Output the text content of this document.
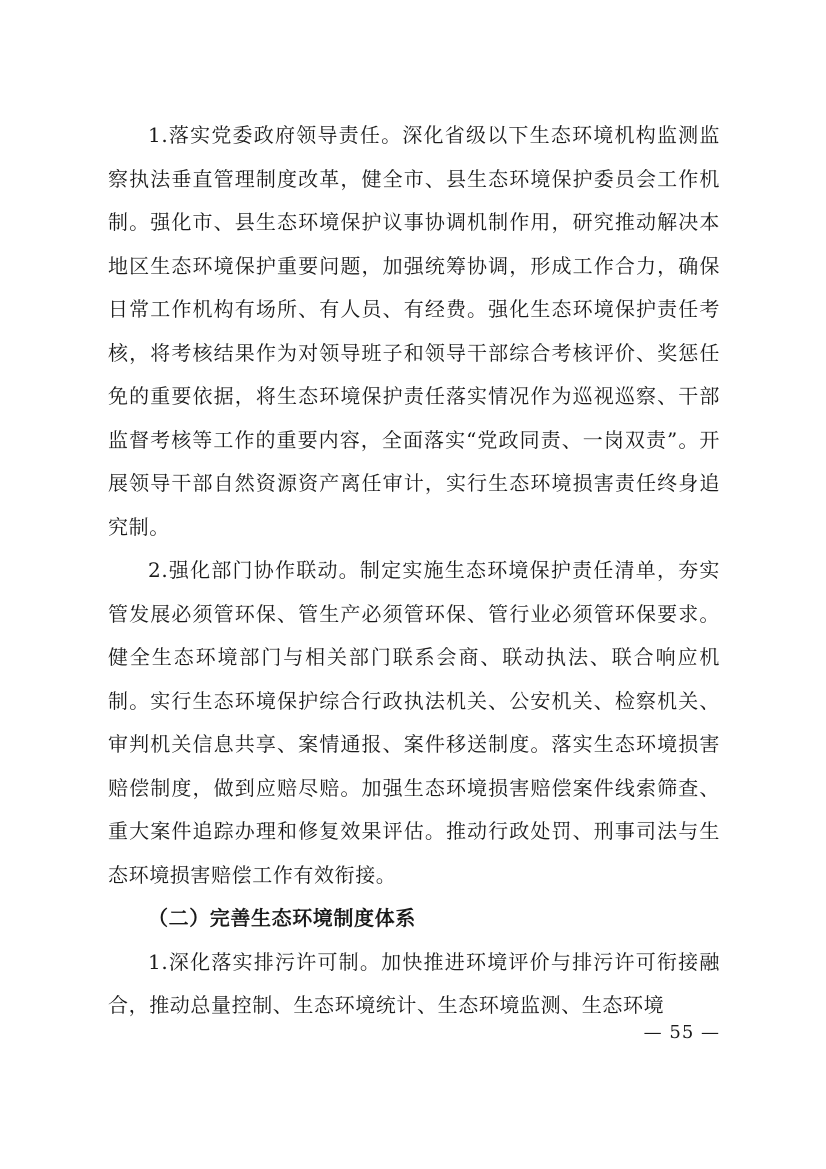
1.落实党委政府领导责任。深化省级以下生态环境机构监测监察执法垂直管理制度改革，健全市、县生态环境保护委员会工作机制。强化市、县生态环境保护议事协调机制作用，研究推动解决本地区生态环境保护重要问题，加强统筹协调，形成工作合力，确保日常工作机构有场所、有人员、有经费。强化生态环境保护责任考核，将考核结果作为对领导班子和领导干部综合考核评价、奖惩任免的重要依据，将生态环境保护责任落实情况作为巡视巡察、干部监督考核等工作的重要内容，全面落实“党政同责、一岗双责”。开展领导干部自然资源资产离任审计，实行生态环境损害责任终身追究制。

2.强化部门协作联动。制定实施生态环境保护责任清单，夯实管发展必须管环保、管生产必须管环保、管行业必须管环保要求。健全生态环境部门与相关部门联系会商、联动执法、联合响应机制。实行生态环境保护综合行政执法机关、公安机关、检察机关、审判机关信息共享、案情通报、案件移送制度。落实生态环境损害赔偿制度，做到应赔尽赔。加强生态环境损害赔偿案件线索筛查、重大案件追踪办理和修复效果评估。推动行政处罚、刑事司法与生态环境损害赔偿工作有效衔接。

（二）完善生态环境制度体系

1.深化落实排污许可制。加快推进环境评价与排污许可衔接融合，推动总量控制、生态环境统计、生态环境监测、生态环境

— 55 —
